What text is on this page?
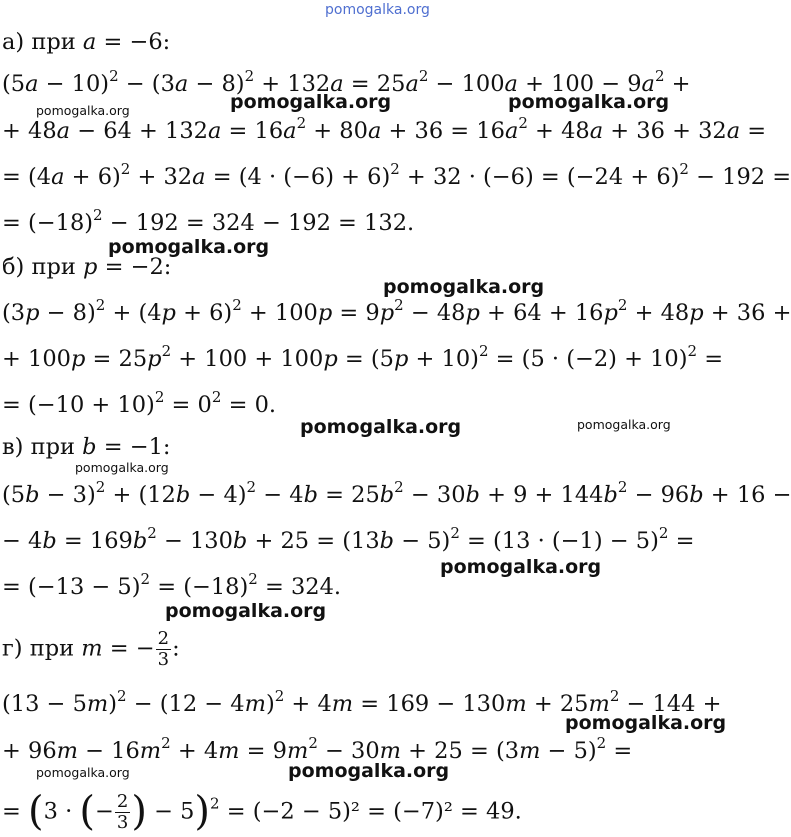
а) при a = −6:
$(5a - 10)^2 - (3a - 8)^2 + 132a = 25a^2 - 100a + 100 - 9a^2$ +
+ $48a - 64 + 132a = 16a^2 + 80a + 36 = 16a^2 + 48a + 36 + 32a$ =
= $(4a + 6)^2 + 32a = (4 \cdot (-6) + 6)^2 + 32 \cdot (-6) = (-24 + 6)^2 - 192$ =
= $(-18)^2 - 192 = 324 - 192 = 132$.
б) при p = −2:
$(3p - 8)^2 + (4p + 6)^2 + 100p = 9p^2 - 48p + 64 + 16p^2 + 48p + 36$ +
+ $100p = 25p^2 + 100 + 100p = (5p + 10)^2 = (5 \cdot (-2) + 10)^2$ =
= $(-10 + 10)^2 = 0^2 = 0$.
в) при b = −1:
$(5b - 3)^2 + (12b - 4)^2 - 4b = 25b^2 - 30b + 9 + 144b^2 - 96b + 16$ −
− $4b = 169b^2 - 130b + 25 = (13b - 5)^2 = (13 \cdot (-1) - 5)^2$ =
= $(-13 - 5)^2 = (-18)^2 = 324$.
г) при m = − $\frac{2}{3}$ :
$(13 - 5m)^2 - (12 - 4m)^2 + 4m = 169 - 130m + 25m^2 - 144$ +
+ $96m - 16m^2 + 4m = 9m^2 - 30m + 25 = (3m - 5)^2$ =
= (3 · (− $\frac{2}{3}$ ) − 5)$^2$ = (−2 − 5)² = (−7)² = 49.
pomogalka.org
pomogalka.org	pomogalka.org	pomogalka.org
pomogalka.org
pomogalka.org
pomogalka.org	pomogalka.org
pomogalka.org
pomogalka.org
pomogalka.org
pomogalka.org
pomogalka.org	pomogalka.org
